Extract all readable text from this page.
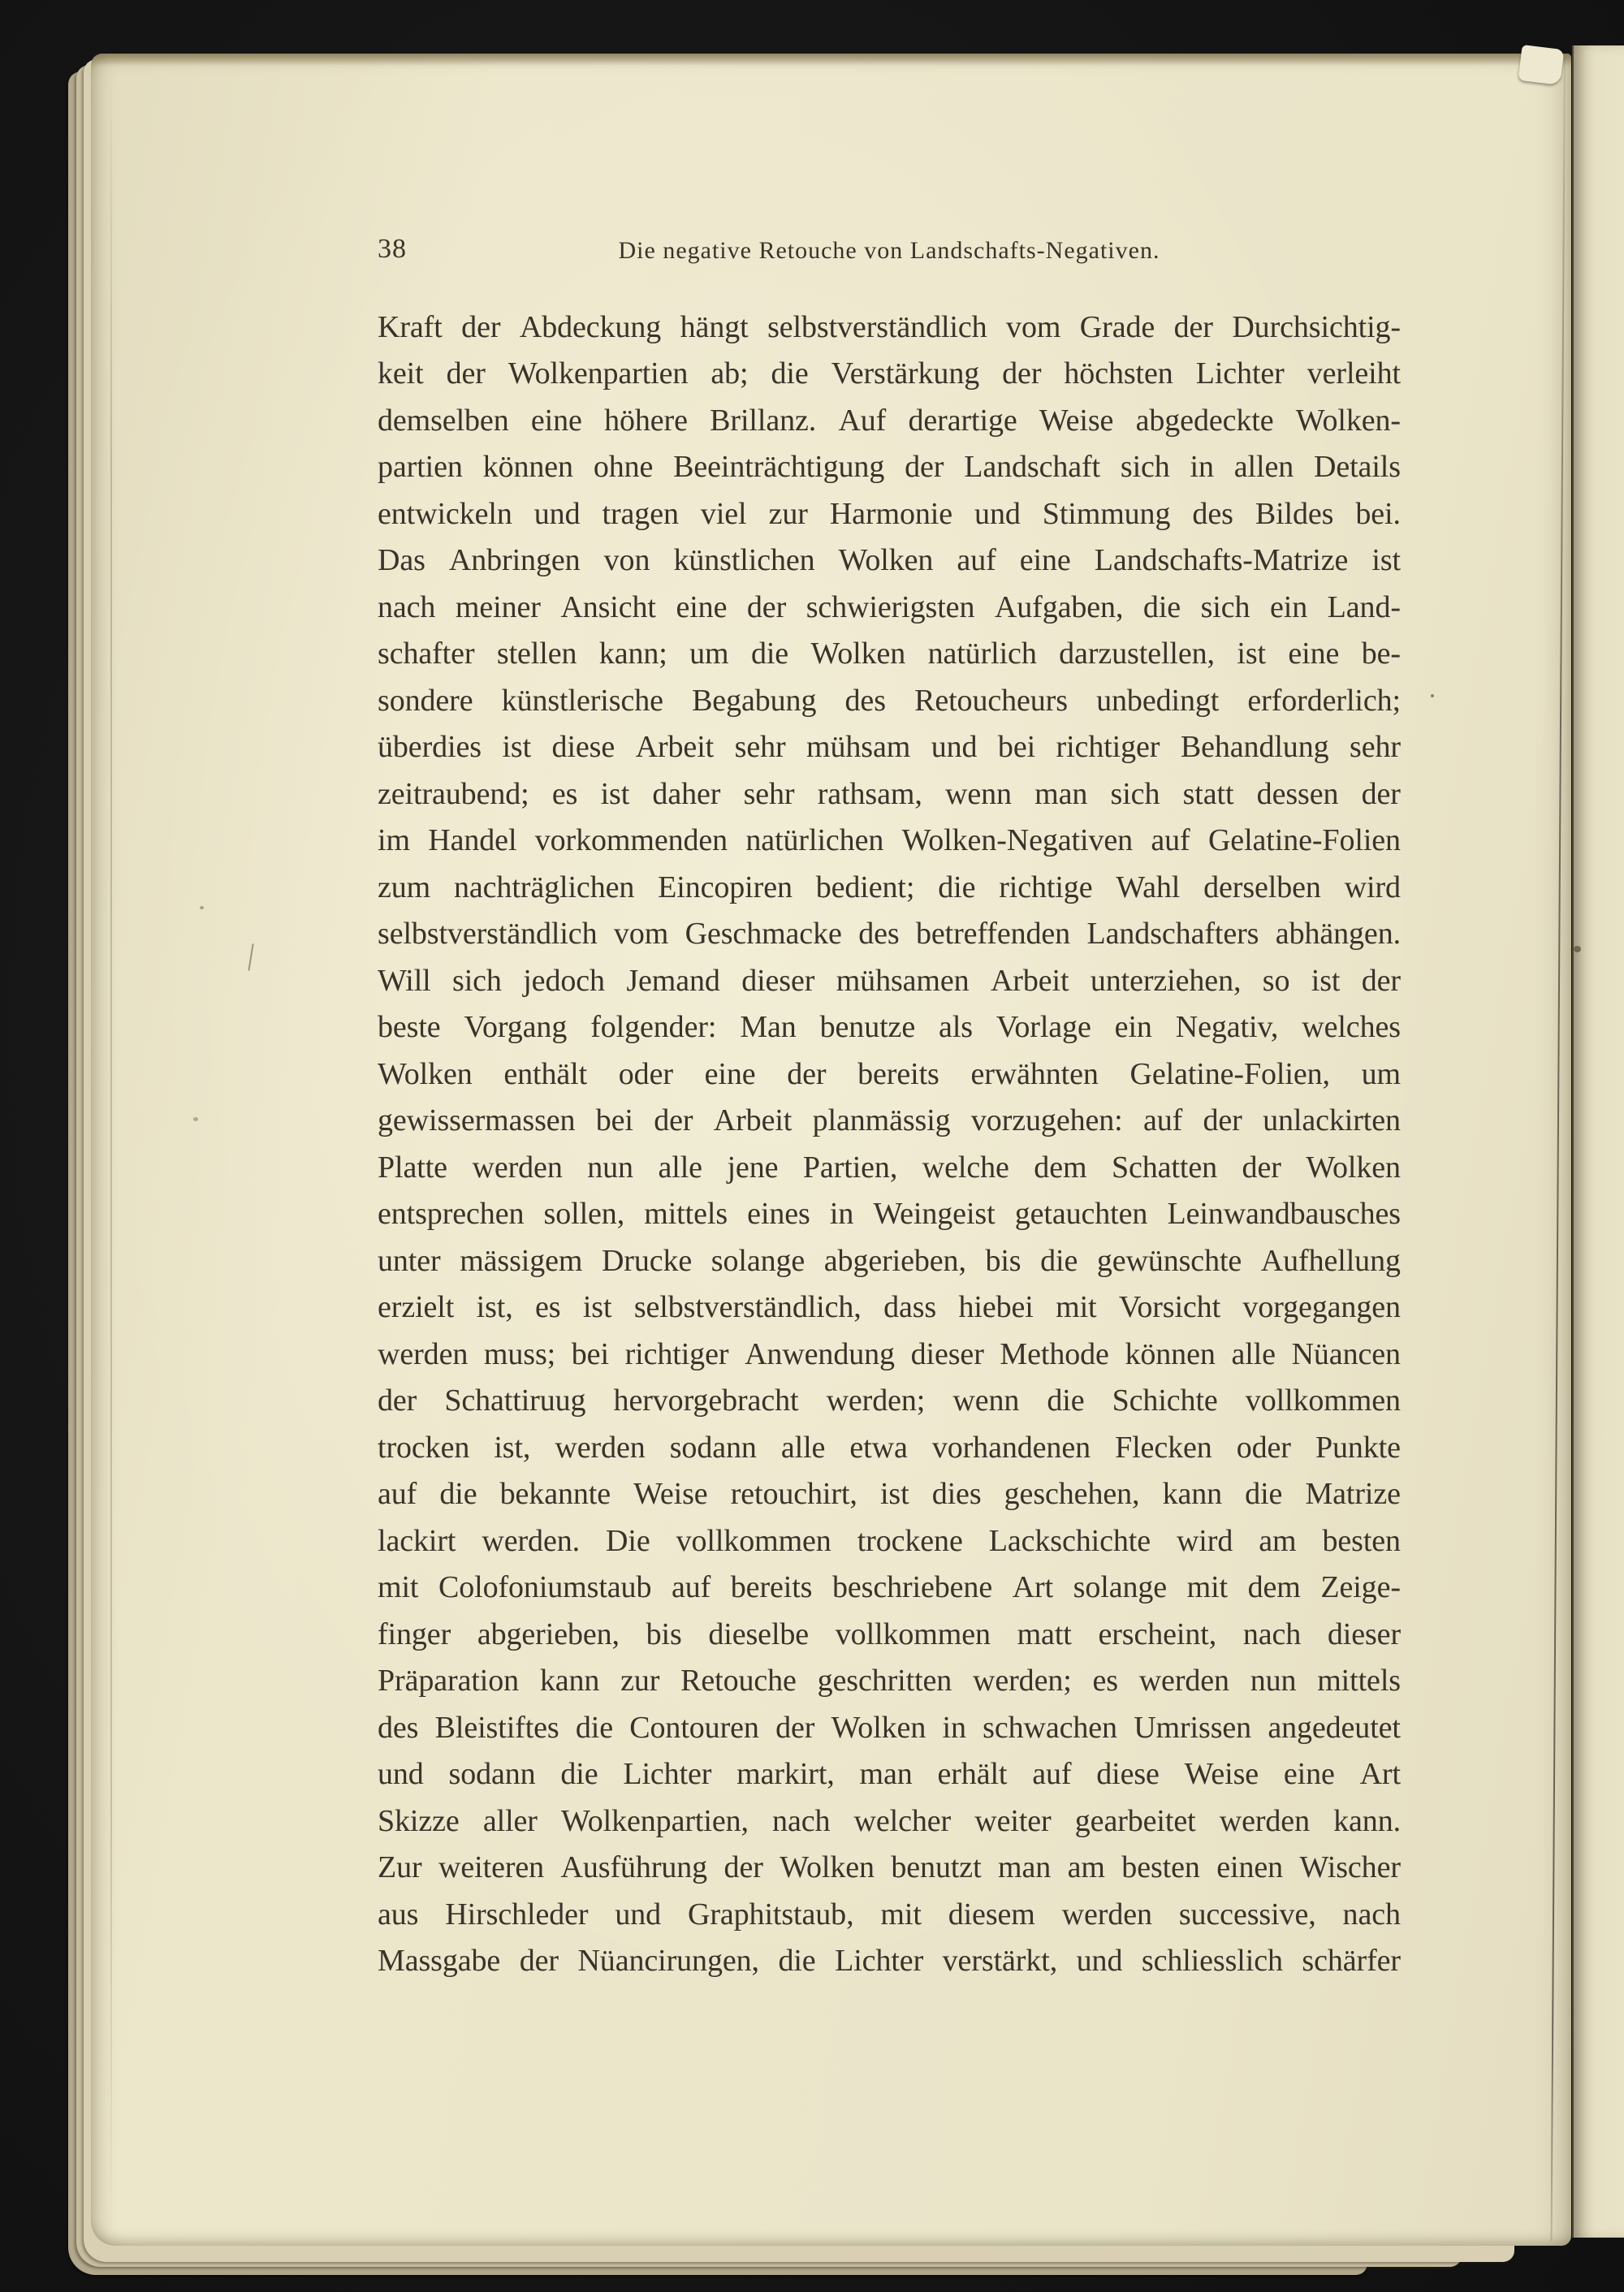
38	Die negative Retouche von Landschafts-Negativen.
Kraft der Abdeckung hängt selbstverständlich vom Grade der Durchsichtig-
keit der Wolkenpartien ab; die Verstärkung der höchsten Lichter verleiht
demselben eine höhere Brillanz. Auf derartige Weise abgedeckte Wolken-
partien können ohne Beeinträchtigung der Landschaft sich in allen Details
entwickeln und tragen viel zur Harmonie und Stimmung des Bildes bei.
Das Anbringen von künstlichen Wolken auf eine Landschafts-Matrize ist
nach meiner Ansicht eine der schwierigsten Aufgaben, die sich ein Land-
schafter stellen kann; um die Wolken natürlich darzustellen, ist eine be-
sondere künstlerische Begabung des Retoucheurs unbedingt erforderlich;
überdies ist diese Arbeit sehr mühsam und bei richtiger Behandlung sehr
zeitraubend; es ist daher sehr rathsam, wenn man sich statt dessen der
im Handel vorkommenden natürlichen Wolken-Negativen auf Gelatine-Folien
zum nachträglichen Eincopiren bedient; die richtige Wahl derselben wird
selbstverständlich vom Geschmacke des betreffenden Landschafters abhängen.
Will sich jedoch Jemand dieser mühsamen Arbeit unterziehen, so ist der
beste Vorgang folgender: Man benutze als Vorlage ein Negativ, welches
Wolken enthält oder eine der bereits erwähnten Gelatine-Folien, um
gewissermassen bei der Arbeit planmässig vorzugehen: auf der unlackirten
Platte werden nun alle jene Partien, welche dem Schatten der Wolken
entsprechen sollen, mittels eines in Weingeist getauchten Leinwandbausches
unter mässigem Drucke solange abgerieben, bis die gewünschte Aufhellung
erzielt ist, es ist selbstverständlich, dass hiebei mit Vorsicht vorgegangen
werden muss; bei richtiger Anwendung dieser Methode können alle Nüancen
der Schattiruug hervorgebracht werden; wenn die Schichte vollkommen
trocken ist, werden sodann alle etwa vorhandenen Flecken oder Punkte
auf die bekannte Weise retouchirt, ist dies geschehen, kann die Matrize
lackirt werden. Die vollkommen trockene Lackschichte wird am besten
mit Colofoniumstaub auf bereits beschriebene Art solange mit dem Zeige-
finger abgerieben, bis dieselbe vollkommen matt erscheint, nach dieser
Präparation kann zur Retouche geschritten werden; es werden nun mittels
des Bleistiftes die Contouren der Wolken in schwachen Umrissen angedeutet
und sodann die Lichter markirt, man erhält auf diese Weise eine Art
Skizze aller Wolkenpartien, nach welcher weiter gearbeitet werden kann.
Zur weiteren Ausführung der Wolken benutzt man am besten einen Wischer
aus Hirschleder und Graphitstaub, mit diesem werden successive, nach
Massgabe der Nüancirungen, die Lichter verstärkt, und schliesslich schärfer
